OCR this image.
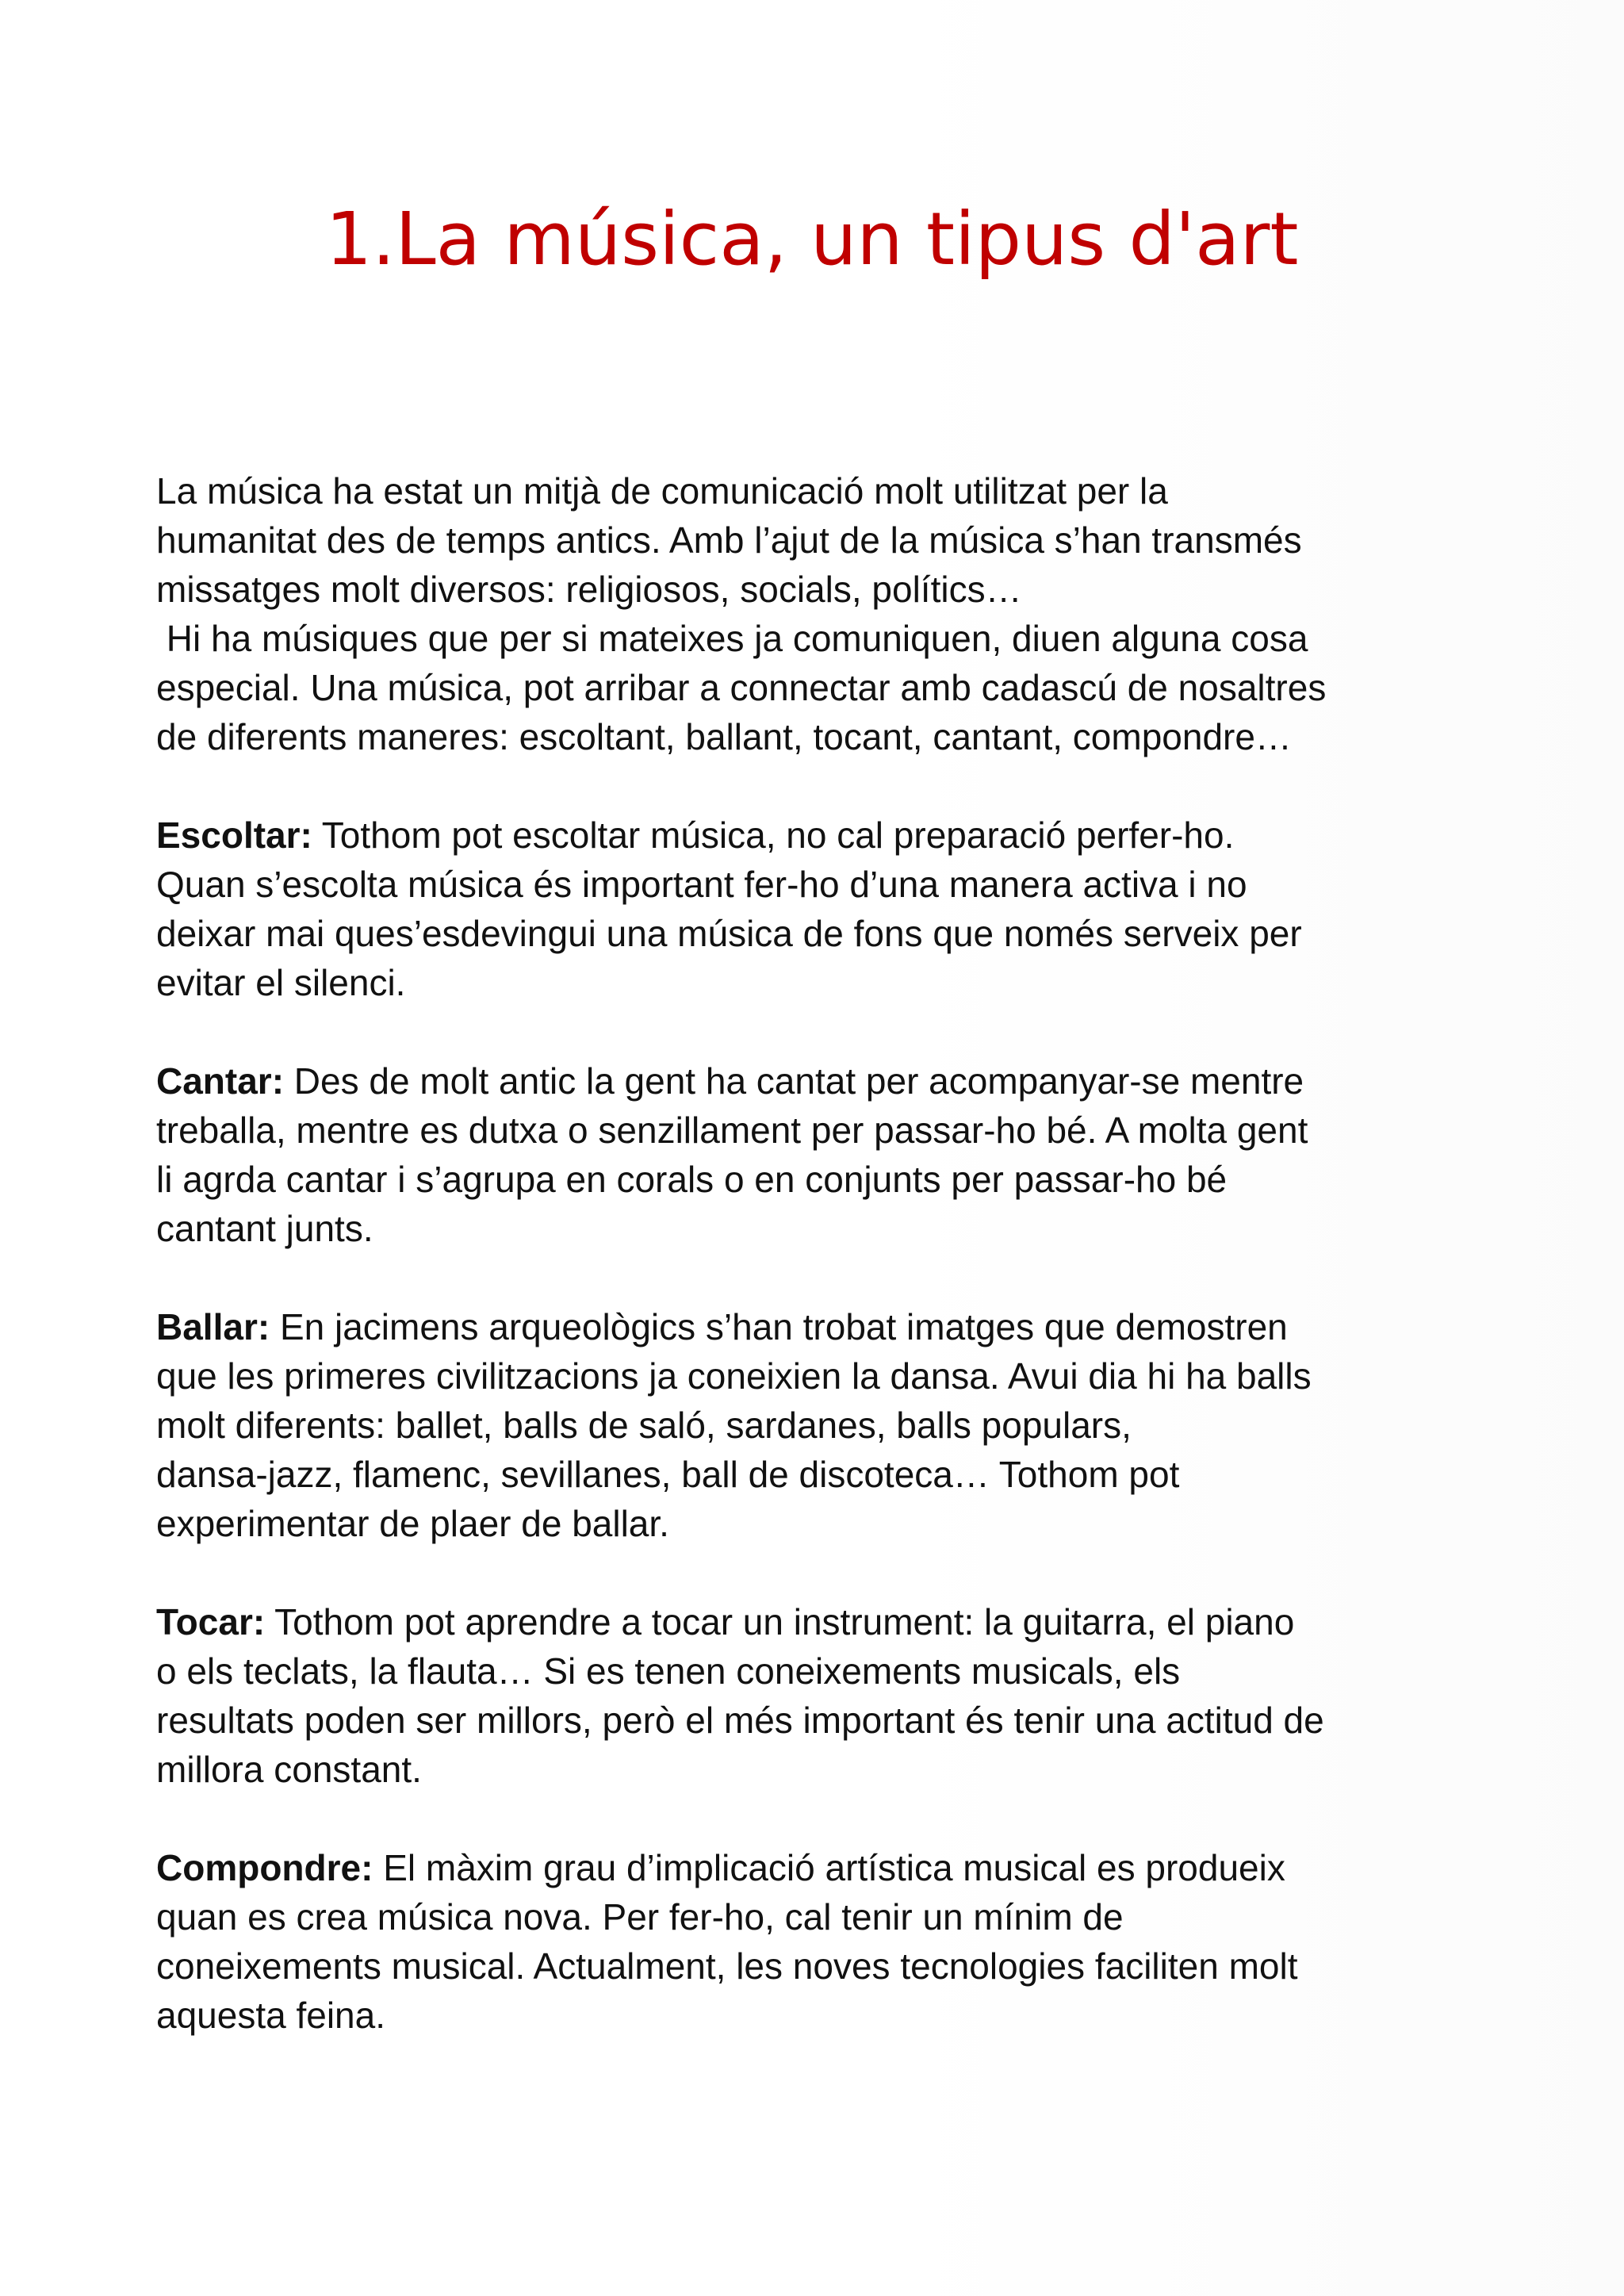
1.La música, un tipus d'art
La música ha estat un mitjà de comunicació molt utilitzat per la
humanitat des de temps antics. Amb l’ajut de la música s’han transmés
missatges molt diversos: religiosos, socials, polítics…
Hi ha músiques que per si mateixes ja comuniquen, diuen alguna cosa
especial. Una música, pot arribar a connectar amb cadascú de nosaltres
de diferents maneres: escoltant, ballant, tocant, cantant, compondre…
Escoltar: Tothom pot escoltar música, no cal preparació perfer-ho.
Quan s’escolta música és important fer-ho d’una manera activa i no
deixar mai ques’esdevingui una música de fons que només serveix per
evitar el silenci.
Cantar: Des de molt antic la gent ha cantat per acompanyar-se mentre
treballa, mentre es dutxa o senzillament per passar-ho bé. A molta gent
li agrda cantar i s’agrupa en corals o en conjunts per passar-ho bé
cantant junts.
Ballar: En jacimens arqueològics s’han trobat imatges que demostren
que les primeres civilitzacions ja coneixien la dansa. Avui dia hi ha balls
molt diferents: ballet, balls de saló, sardanes, balls populars,
dansa-jazz, flamenc, sevillanes, ball de discoteca… Tothom pot
experimentar de plaer de ballar.
Tocar: Tothom pot aprendre a tocar un instrument: la guitarra, el piano
o els teclats, la flauta… Si es tenen coneixements musicals, els
resultats poden ser millors, però el més important és tenir una actitud de
millora constant.
Compondre: El màxim grau d’implicació artística musical es produeix
quan es crea música nova. Per fer-ho, cal tenir un mínim de
coneixements musical. Actualment, les noves tecnologies faciliten molt
aquesta feina.
